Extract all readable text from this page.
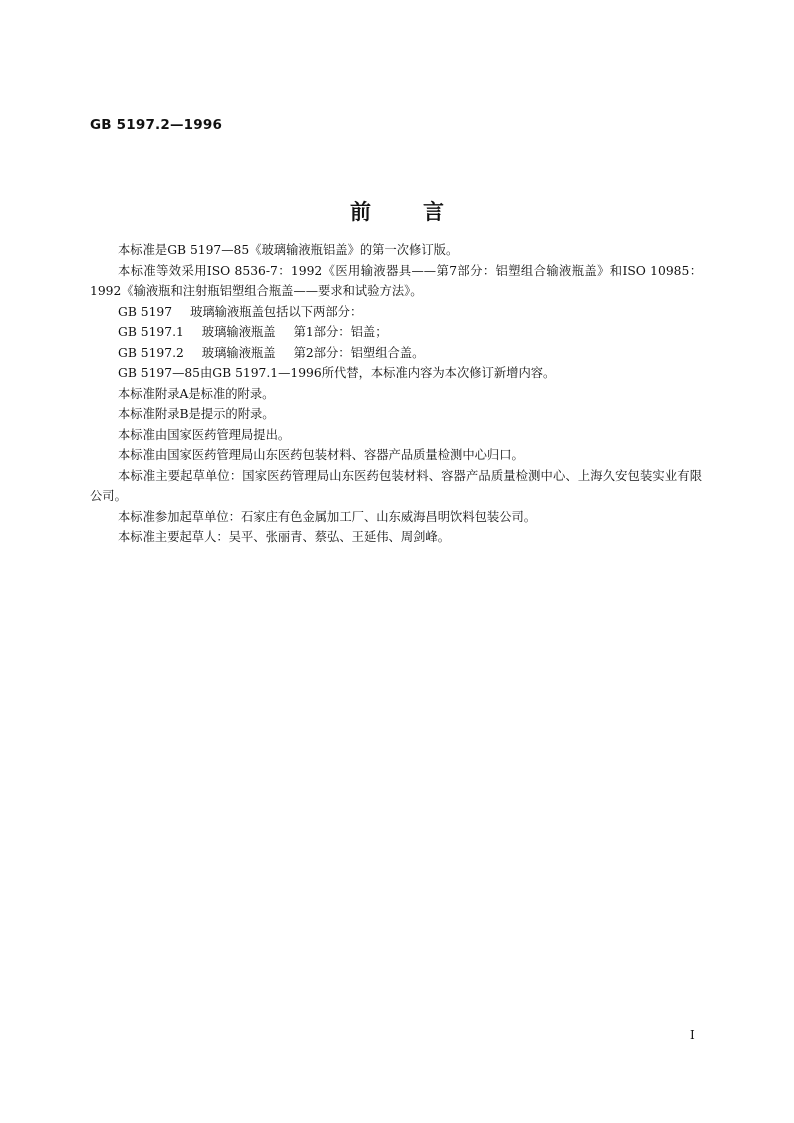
GB 5197.2—1996
前言

本标准是GB 5197—85《玻璃输液瓶铝盖》的第一次修订版。

本标准等效采用ISO 8536-7：1992《医用输液器具——第7部分：铝塑组合输液瓶盖》和ISO 10985：1992《输液瓶和注射瓶铝塑组合瓶盖——要求和试验方法》。

GB 5197 玻璃输液瓶盖包括以下两部分：

GB 5197.1 玻璃输液瓶盖 第1部分：铝盖；

GB 5197.2 玻璃输液瓶盖 第2部分：铝塑组合盖。

GB 5197—85由GB 5197.1—1996所代替，本标准内容为本次修订新增内容。

本标准附录A是标准的附录。

本标准附录B是提示的附录。

本标准由国家医药管理局提出。

本标准由国家医药管理局山东医药包装材料、容器产品质量检测中心归口。

本标准主要起草单位：国家医药管理局山东医药包装材料、容器产品质量检测中心、上海久安包装实业有限公司。

本标准参加起草单位：石家庄有色金属加工厂、山东威海昌明饮料包装公司。

本标准主要起草人：吴平、张丽青、蔡弘、王延伟、周剑峰。

I
